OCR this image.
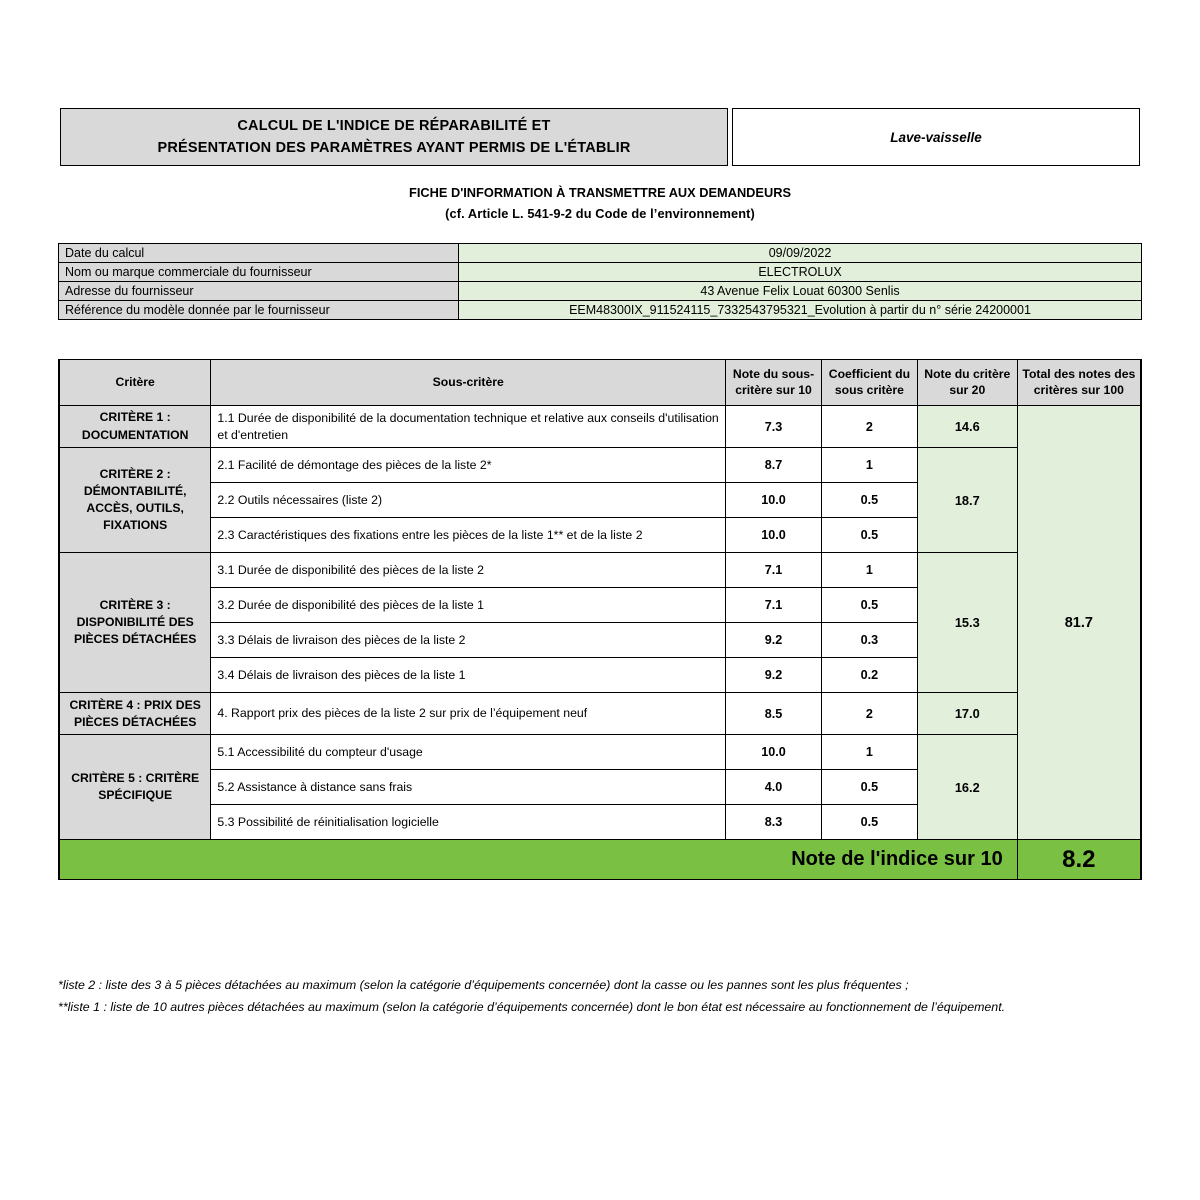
CALCUL DE L'INDICE DE RÉPARABILITÉ ET
PRÉSENTATION DES PARAMÈTRES AYANT PERMIS DE L'ÉTABLIR
Lave-vaisselle
FICHE D'INFORMATION À TRANSMETTRE AUX DEMANDEURS
(cf. Article L. 541-9-2 du Code de l’environnement)
Date du calcul	09/09/2022
Nom ou marque commerciale du fournisseur	ELECTROLUX
Adresse du fournisseur	43 Avenue Felix Louat 60300 Senlis
Référence du modèle donnée par le fournisseur	EEM48300IX_911524115_7332543795321_Evolution à partir du n° série 24200001
Critère	Sous-critère	Note du sous-critère sur 10	Coefficient du sous critère	Note du critère sur 20	Total des notes des critères sur 100
CRITÈRE 1 : DOCUMENTATION	1.1 Durée de disponibilité de la documentation technique et relative aux conseils d'utilisation et d'entretien	7.3	2	14.6	81.7
CRITÈRE 2 : DÉMONTABILITÉ, ACCÈS, OUTILS, FIXATIONS	2.1 Facilité de démontage des pièces de la liste 2*	8.7	1	18.7	
	2.2 Outils nécessaires (liste 2)	10.0	0.5		
	2.3 Caractéristiques des fixations entre les pièces de la liste 1** et de la liste 2	10.0	0.5		
CRITÈRE 3 : DISPONIBILITÉ DES PIÈCES DÉTACHÉES	3.1 Durée de disponibilité des pièces de la liste 2	7.1	1	15.3	
	3.2 Durée de disponibilité des pièces de la liste 1	7.1	0.5		
	3.3 Délais de livraison des pièces de la liste 2	9.2	0.3		
	3.4 Délais de livraison des pièces de la liste 1	9.2	0.2		
CRITÈRE 4 : PRIX DES PIÈCES DÉTACHÉES	4. Rapport prix des pièces de la liste 2 sur prix de l’équipement neuf	8.5	2	17.0	
CRITÈRE 5 : CRITÈRE SPÉCIFIQUE	5.1 Accessibilité du compteur d'usage	10.0	1	16.2	
	5.2 Assistance à distance sans frais	4.0	0.5		
	5.3 Possibilité de réinitialisation logicielle	8.3	0.5		
Note de l'indice sur 10					8.2
*liste 2 : liste des 3 à 5 pièces détachées au maximum (selon la catégorie d’équipements concernée) dont la casse ou les pannes sont les plus fréquentes ;
**liste 1 : liste de 10 autres pièces détachées au maximum (selon la catégorie d’équipements concernée) dont le bon état est nécessaire au fonctionnement de l’équipement.
